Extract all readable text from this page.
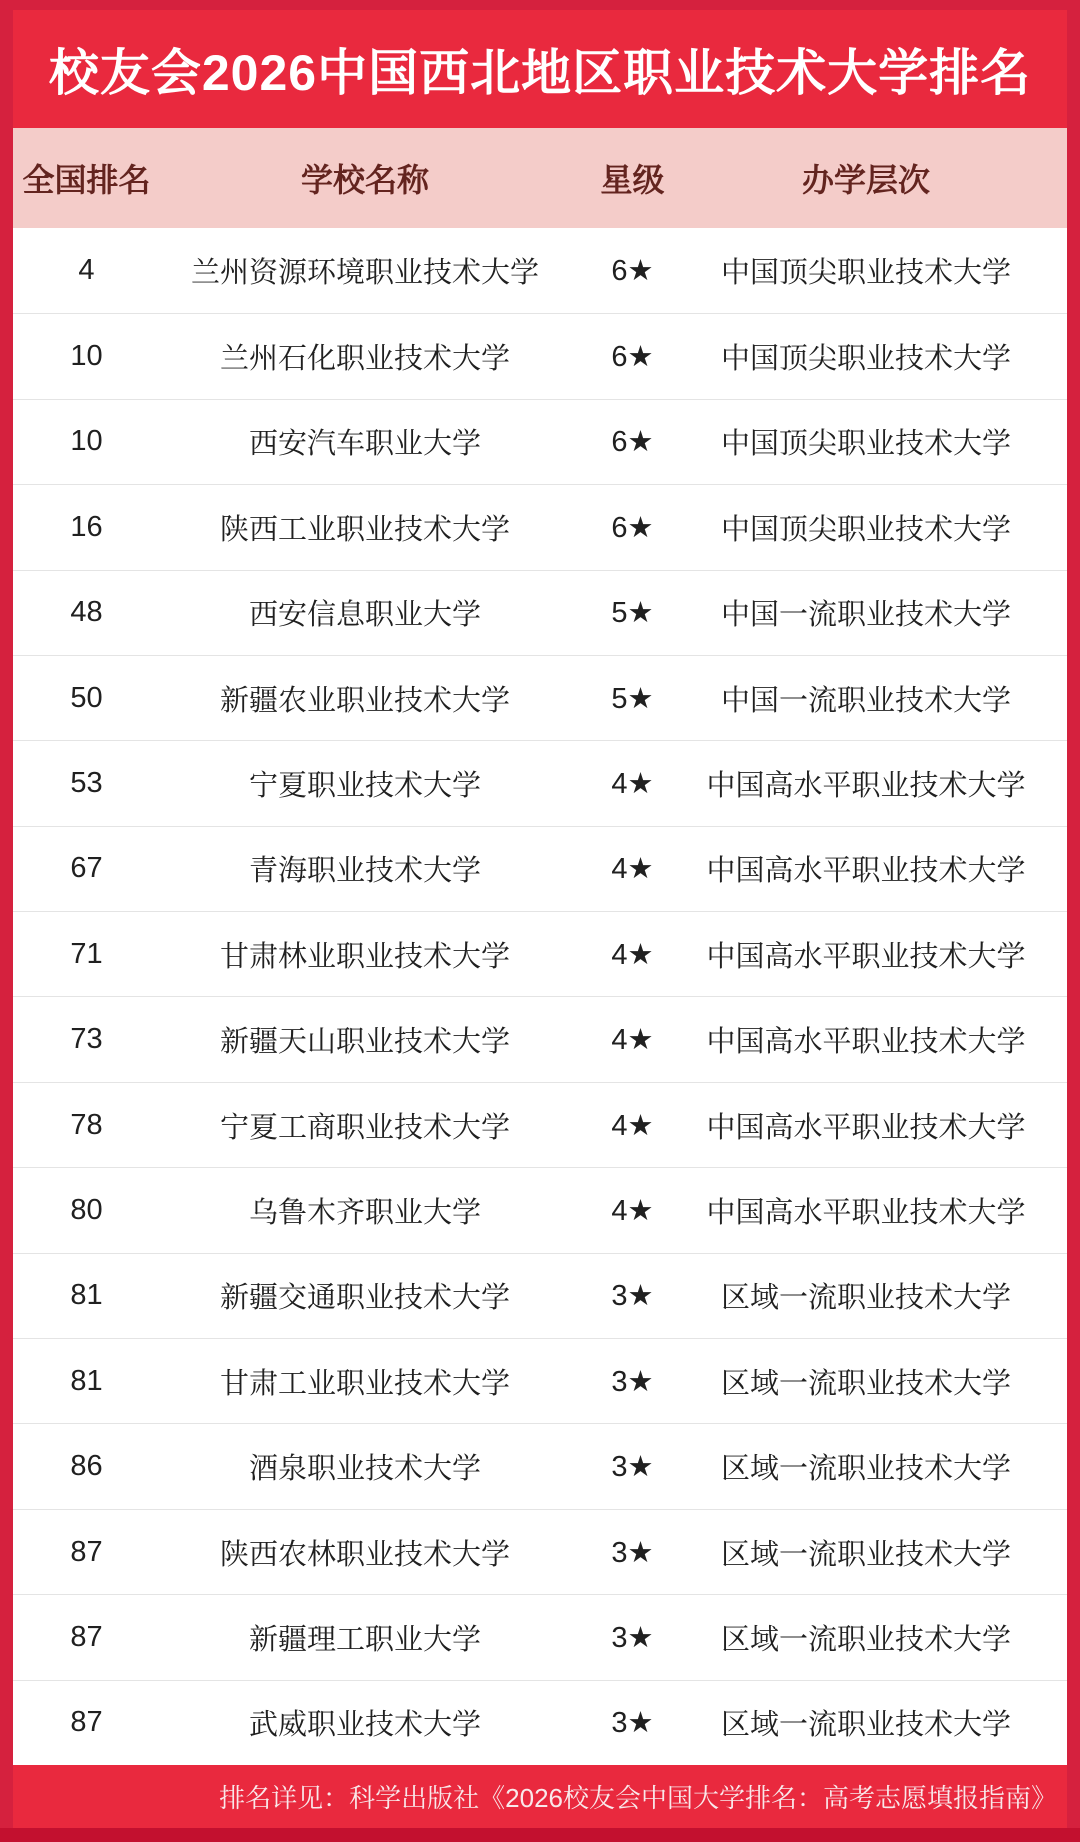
校友会2026中国西北地区职业技术大学排名
全国排名	学校名称	星级	办学层次
4	兰州资源环境职业技术大学	6★	中国顶尖职业技术大学
10	兰州石化职业技术大学	6★	中国顶尖职业技术大学
10	西安汽车职业大学	6★	中国顶尖职业技术大学
16	陕西工业职业技术大学	6★	中国顶尖职业技术大学
48	西安信息职业大学	5★	中国一流职业技术大学
50	新疆农业职业技术大学	5★	中国一流职业技术大学
53	宁夏职业技术大学	4★	中国高水平职业技术大学
67	青海职业技术大学	4★	中国高水平职业技术大学
71	甘肃林业职业技术大学	4★	中国高水平职业技术大学
73	新疆天山职业技术大学	4★	中国高水平职业技术大学
78	宁夏工商职业技术大学	4★	中国高水平职业技术大学
80	乌鲁木齐职业大学	4★	中国高水平职业技术大学
81	新疆交通职业技术大学	3★	区域一流职业技术大学
81	甘肃工业职业技术大学	3★	区域一流职业技术大学
86	酒泉职业技术大学	3★	区域一流职业技术大学
87	陕西农林职业技术大学	3★	区域一流职业技术大学
87	新疆理工职业大学	3★	区域一流职业技术大学
87	武威职业技术大学	3★	区域一流职业技术大学
排名详见：科学出版社《2026校友会中国大学排名：高考志愿填报指南》
